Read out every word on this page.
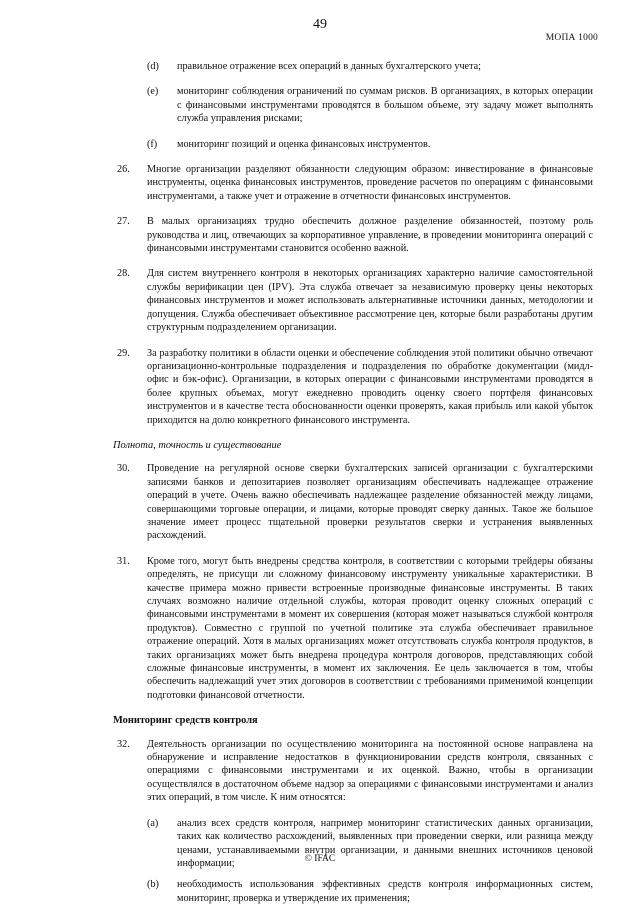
49
МОПА 1000
(d) правильное отражение всех операций в данных бухгалтерского учета;
(e) мониторинг соблюдения ограничений по суммам рисков. В организациях, в которых операции с финансовыми инструментами проводятся в большом объеме, эту задачу может выполнять служба управления рисками;
(f) мониторинг позиций и оценка финансовых инструментов.
26. Многие организации разделяют обязанности следующим образом: инвестирование в финансовые инструменты, оценка финансовых инструментов, проведение расчетов по операциям с финансовыми инструментами, а также учет и отражение в отчетности финансовых инструментов.
27. В малых организациях трудно обеспечить должное разделение обязанностей, поэтому роль руководства и лиц, отвечающих за корпоративное управление, в проведении мониторинга операций с финансовыми инструментами становится особенно важной.
28. Для систем внутреннего контроля в некоторых организациях характерно наличие самостоятельной службы верификации цен (IPV). Эта служба отвечает за независимую проверку цены некоторых финансовых инструментов и может использовать альтернативные источники данных, методологии и допущения. Служба обеспечивает объективное рассмотрение цен, которые были разработаны другим структурным подразделением организации.
29. За разработку политики в области оценки и обеспечение соблюдения этой политики обычно отвечают организационно-контрольные подразделения и подразделения по обработке документации (мидл-офис и бэк-офис). Организации, в которых операции с финансовыми инструментами проводятся в более крупных объемах, могут ежедневно проводить оценку своего портфеля финансовых инструментов и в качестве теста обоснованности оценки проверять, какая прибыль или какой убыток приходится на долю конкретного финансового инструмента.
Полнота, точность и существование
30. Проведение на регулярной основе сверки бухгалтерских записей организации с бухгалтерскими записями банков и депозитариев позволяет организациям обеспечивать надлежащее отражение операций в учете. Очень важно обеспечивать надлежащее разделение обязанностей между лицами, совершающими торговые операции, и лицами, которые проводят сверку данных. Такое же большое значение имеет процесс тщательной проверки результатов сверки и устранения выявленных расхождений.
31. Кроме того, могут быть внедрены средства контроля, в соответствии с которыми трейдеры обязаны определять, не присущи ли сложному финансовому инструменту уникальные характеристики. В качестве примера можно привести встроенные производные финансовые инструменты. В таких случаях возможно наличие отдельной службы, которая проводит оценку сложных операций с финансовыми инструментами в момент их совершения (которая может называться службой контроля продуктов). Совместно с группой по учетной политике эта служба обеспечивает правильное отражение операций. Хотя в малых организациях может отсутствовать служба контроля продуктов, в таких организациях может быть внедрена процедура контроля договоров, представляющих собой сложные финансовые инструменты, в момент их заключения. Ее цель заключается в том, чтобы обеспечить надлежащий учет этих договоров в соответствии с требованиями применимой концепции подготовки финансовой отчетности.
Мониторинг средств контроля
32. Деятельность организации по осуществлению мониторинга на постоянной основе направлена на обнаружение и исправление недостатков в функционировании средств контроля, связанных с операциями с финансовыми инструментами и их оценкой. Важно, чтобы в организации осуществлялся в достаточном объеме надзор за операциями с финансовыми инструментами и анализ этих операций, в том числе. К ним относятся:
(a) анализ всех средств контроля, например мониторинг статистических данных организации, таких как количество расхождений, выявленных при проведении сверки, или разница между ценами, устанавливаемыми внутри организации, и данными внешних источников ценовой информации;
(b) необходимость использования эффективных средств контроля информационных систем, мониторинг, проверка и утверждение их применения;
© IFAC
